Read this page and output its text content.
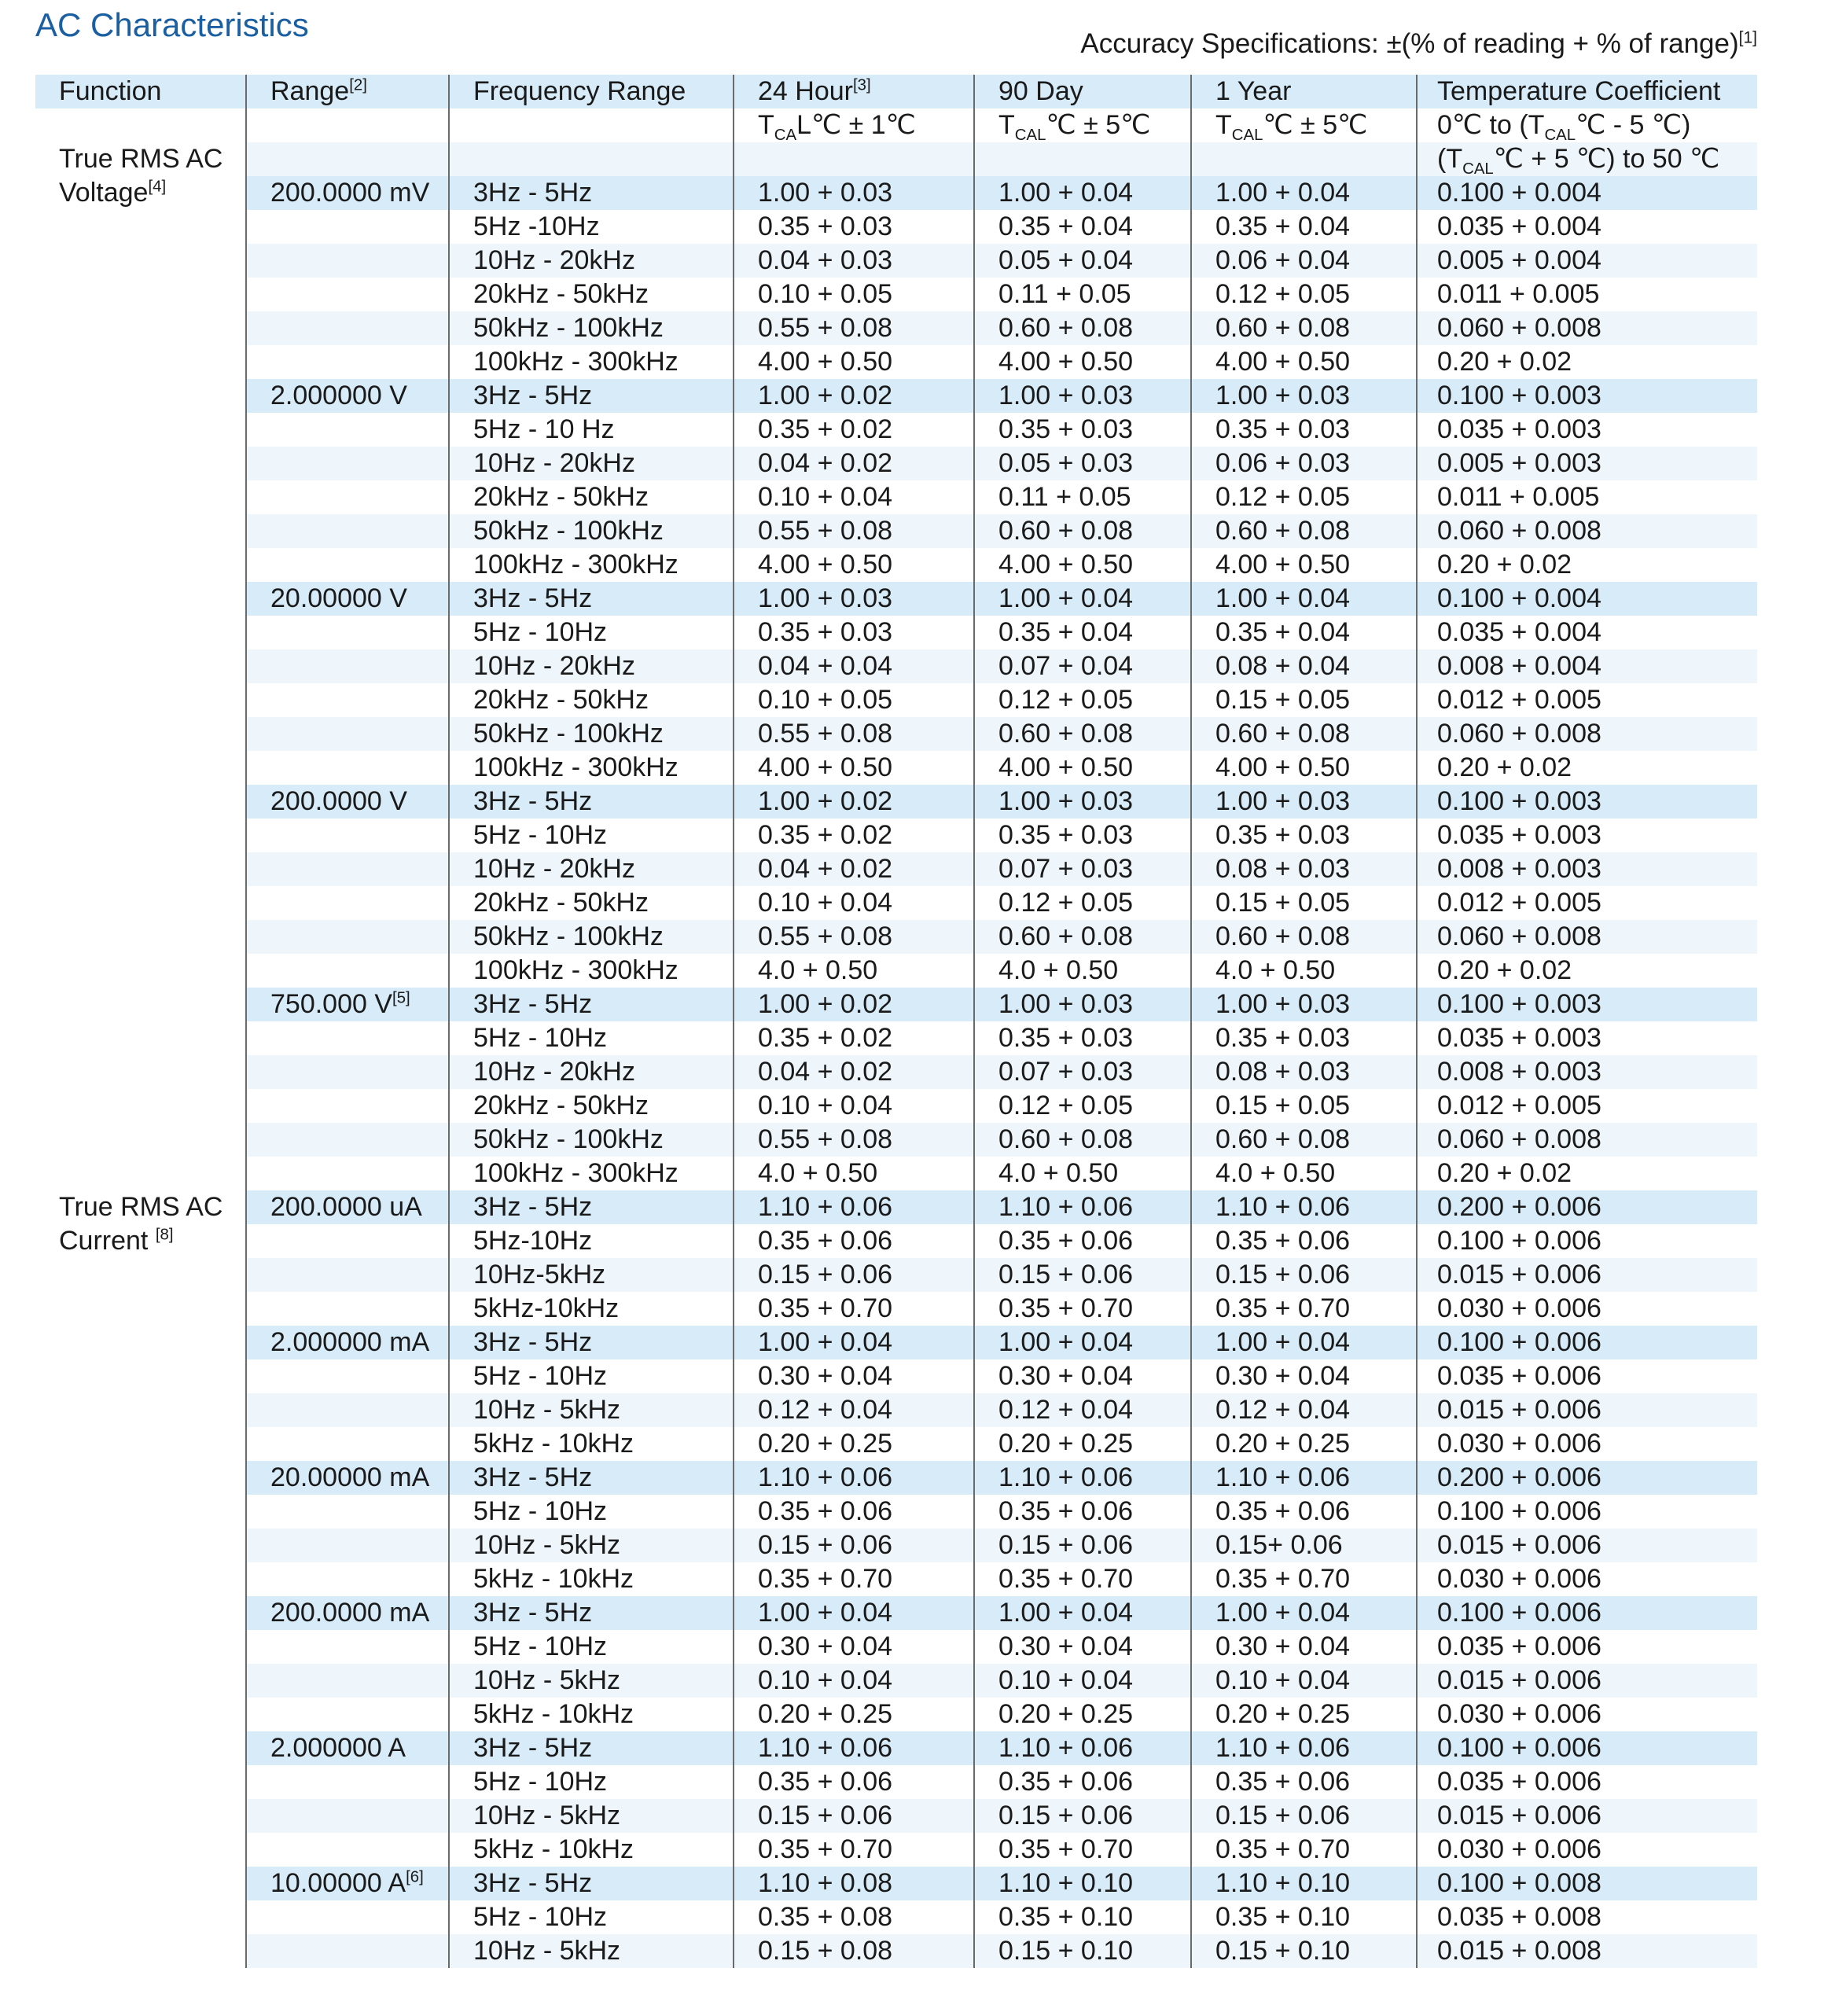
AC Characteristics
Accuracy Specifications: ±(% of reading + % of range)[1]
Function	Range[2]	Frequency Range	24 Hour[3]	90 Day	1 Year	Temperature Coefficient
			$T_{CA}L℃$ ± 1℃	$T_{CAL}℃$ ± 5℃	$T_{CAL}℃$ ± 5℃	0℃ to ($T_{CAL}℃ - 5$ ℃)
True RMS AC						($T_{CAL}℃ + 5$ ℃) to 50 ℃
Voltage[4]	200.0000 mV	3Hz - 5Hz	1.00 + 0.03	1.00 + 0.04	1.00 + 0.04	0.100 + 0.004
		5Hz -10Hz	0.35 + 0.03	0.35 + 0.04	0.35 + 0.04	0.035 + 0.004
		10Hz - 20kHz	0.04 + 0.03	0.05 + 0.04	0.06 + 0.04	0.005 + 0.004
		20kHz - 50kHz	0.10 + 0.05	0.11 + 0.05	0.12 + 0.05	0.011 + 0.005
		50kHz - 100kHz	0.55 + 0.08	0.60 + 0.08	0.60 + 0.08	0.060 + 0.008
		100kHz - 300kHz	4.00 + 0.50	4.00 + 0.50	4.00 + 0.50	0.20 + 0.02
	2.000000 V	3Hz - 5Hz	1.00 + 0.02	1.00 + 0.03	1.00 + 0.03	0.100 + 0.003
		5Hz - 10 Hz	0.35 + 0.02	0.35 + 0.03	0.35 + 0.03	0.035 + 0.003
		10Hz - 20kHz	0.04 + 0.02	0.05 + 0.03	0.06 + 0.03	0.005 + 0.003
		20kHz - 50kHz	0.10 + 0.04	0.11 + 0.05	0.12 + 0.05	0.011 + 0.005
		50kHz - 100kHz	0.55 + 0.08	0.60 + 0.08	0.60 + 0.08	0.060 + 0.008
		100kHz - 300kHz	4.00 + 0.50	4.00 + 0.50	4.00 + 0.50	0.20 + 0.02
	20.00000 V	3Hz - 5Hz	1.00 + 0.03	1.00 + 0.04	1.00 + 0.04	0.100 + 0.004
		5Hz - 10Hz	0.35 + 0.03	0.35 + 0.04	0.35 + 0.04	0.035 + 0.004
		10Hz - 20kHz	0.04 + 0.04	0.07 + 0.04	0.08 + 0.04	0.008 + 0.004
		20kHz - 50kHz	0.10 + 0.05	0.12 + 0.05	0.15 + 0.05	0.012 + 0.005
		50kHz - 100kHz	0.55 + 0.08	0.60 + 0.08	0.60 + 0.08	0.060 + 0.008
		100kHz - 300kHz	4.00 + 0.50	4.00 + 0.50	4.00 + 0.50	0.20 + 0.02
	200.0000 V	3Hz - 5Hz	1.00 + 0.02	1.00 + 0.03	1.00 + 0.03	0.100 + 0.003
		5Hz - 10Hz	0.35 + 0.02	0.35 + 0.03	0.35 + 0.03	0.035 + 0.003
		10Hz - 20kHz	0.04 + 0.02	0.07 + 0.03	0.08 + 0.03	0.008 + 0.003
		20kHz - 50kHz	0.10 + 0.04	0.12 + 0.05	0.15 + 0.05	0.012 + 0.005
		50kHz - 100kHz	0.55 + 0.08	0.60 + 0.08	0.60 + 0.08	0.060 + 0.008
		100kHz - 300kHz	4.0 + 0.50	4.0 + 0.50	4.0 + 0.50	0.20 + 0.02
	750.000 V[5]	3Hz - 5Hz	1.00 + 0.02	1.00 + 0.03	1.00 + 0.03	0.100 + 0.003
		5Hz - 10Hz	0.35 + 0.02	0.35 + 0.03	0.35 + 0.03	0.035 + 0.003
		10Hz - 20kHz	0.04 + 0.02	0.07 + 0.03	0.08 + 0.03	0.008 + 0.003
		20kHz - 50kHz	0.10 + 0.04	0.12 + 0.05	0.15 + 0.05	0.012 + 0.005
		50kHz - 100kHz	0.55 + 0.08	0.60 + 0.08	0.60 + 0.08	0.060 + 0.008
		100kHz - 300kHz	4.0 + 0.50	4.0 + 0.50	4.0 + 0.50	0.20 + 0.02
True RMS AC	200.0000 uA	3Hz - 5Hz	1.10 + 0.06	1.10 + 0.06	1.10 + 0.06	0.200 + 0.006
Current [8]		5Hz-10Hz	0.35 + 0.06	0.35 + 0.06	0.35 + 0.06	0.100 + 0.006
		10Hz-5kHz	0.15 + 0.06	0.15 + 0.06	0.15 + 0.06	0.015 + 0.006
		5kHz-10kHz	0.35 + 0.70	0.35 + 0.70	0.35 + 0.70	0.030 + 0.006
	2.000000 mA	3Hz - 5Hz	1.00 + 0.04	1.00 + 0.04	1.00 + 0.04	0.100 + 0.006
		5Hz - 10Hz	0.30 + 0.04	0.30 + 0.04	0.30 + 0.04	0.035 + 0.006
		10Hz - 5kHz	0.12 + 0.04	0.12 + 0.04	0.12 + 0.04	0.015 + 0.006
		5kHz - 10kHz	0.20 + 0.25	0.20 + 0.25	0.20 + 0.25	0.030 + 0.006
	20.00000 mA	3Hz - 5Hz	1.10 + 0.06	1.10 + 0.06	1.10 + 0.06	0.200 + 0.006
		5Hz - 10Hz	0.35 + 0.06	0.35 + 0.06	0.35 + 0.06	0.100 + 0.006
		10Hz - 5kHz	0.15 + 0.06	0.15 + 0.06	0.15+ 0.06	0.015 + 0.006
		5kHz - 10kHz	0.35 + 0.70	0.35 + 0.70	0.35 + 0.70	0.030 + 0.006
	200.0000 mA	3Hz - 5Hz	1.00 + 0.04	1.00 + 0.04	1.00 + 0.04	0.100 + 0.006
		5Hz - 10Hz	0.30 + 0.04	0.30 + 0.04	0.30 + 0.04	0.035 + 0.006
		10Hz - 5kHz	0.10 + 0.04	0.10 + 0.04	0.10 + 0.04	0.015 + 0.006
		5kHz - 10kHz	0.20 + 0.25	0.20 + 0.25	0.20 + 0.25	0.030 + 0.006
	2.000000 A	3Hz - 5Hz	1.10 + 0.06	1.10 + 0.06	1.10 + 0.06	0.100 + 0.006
		5Hz - 10Hz	0.35 + 0.06	0.35 + 0.06	0.35 + 0.06	0.035 + 0.006
		10Hz - 5kHz	0.15 + 0.06	0.15 + 0.06	0.15 + 0.06	0.015 + 0.006
		5kHz - 10kHz	0.35 + 0.70	0.35 + 0.70	0.35 + 0.70	0.030 + 0.006
	10.00000 A[6]	3Hz - 5Hz	1.10 + 0.08	1.10 + 0.10	1.10 + 0.10	0.100 + 0.008
		5Hz - 10Hz	0.35 + 0.08	0.35 + 0.10	0.35 + 0.10	0.035 + 0.008
		10Hz - 5kHz	0.15 + 0.08	0.15 + 0.10	0.15 + 0.10	0.015 + 0.008
